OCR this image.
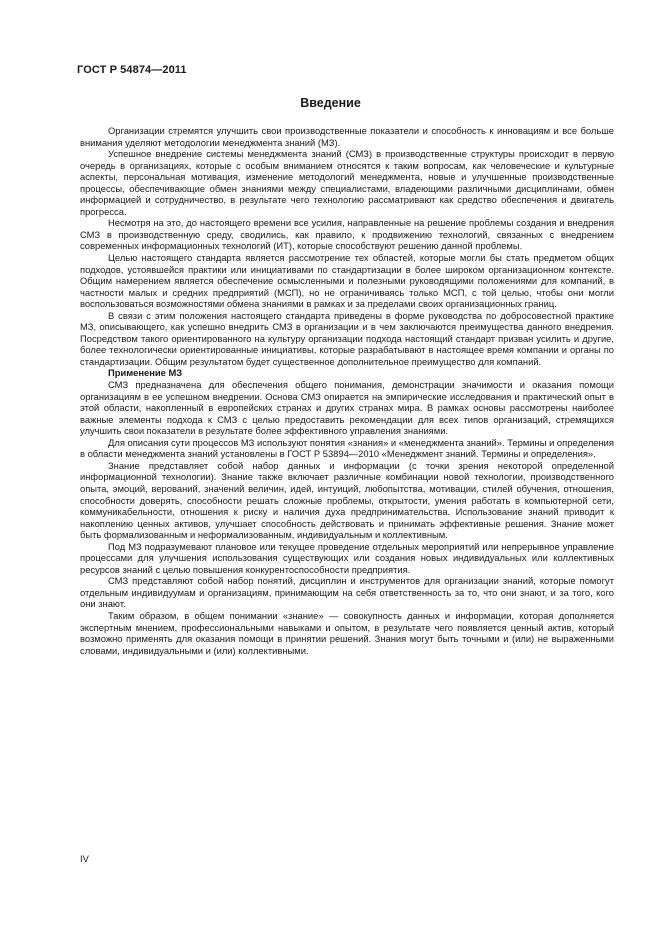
ГОСТ Р 54874—2011
Введение

Организации стремятся улучшить свои производственные показатели и способность к инновациям и все больше внимания уделяют методологии менеджмента знаний (МЗ).

Успешное внедрение системы менеджмента знаний (СМЗ) в производственные структуры происходит в первую очередь в организациях, которые с особым вниманием относятся к таким вопросам, как человеческие и культурные аспекты, персональная мотивация, изменение методологий менеджмента, новые и улучшенные производственные процессы, обеспечивающие обмен знаниями между специалистами, владеющими различными дисциплинами, обмен информацией и сотрудничество, в результате чего технологию рассматривают как средство обеспечения и двигатель прогресса.

Несмотря на это, до настоящего времени все усилия, направленные на решение проблемы создания и внедрения СМЗ в производственную среду, сводились, как правило, к продвижению технологий, связанных с внедрением современных информационных технологий (ИТ), которые способствуют решению данной проблемы.

Целью настоящего стандарта является рассмотрение тех областей, которые могли бы стать предметом общих подходов, устоявшейся практики или инициативами по стандартизации в более широком организационном контексте. Общим намерением является обеспечение осмысленными и полезными руководящими положениями для компаний, в частности малых и средних предприятий (МСП), но не ограничиваясь только МСП, с той целью, чтобы они могли воспользоваться возможностями обмена знаниями в рамках и за пределами своих организационных границ.

В связи с этим положения настоящего стандарта приведены в форме руководства по добросовестной практике МЗ, описывающего, как успешно внедрить СМЗ в организации и в чем заключаются преимущества данного внедрения. Посредством такого ориентированного на культуру организации подхода настоящий стандарт призван усилить и другие, более технологически ориентированные инициативы, которые разрабатывают в настоящее время компании и органы по стандартизации. Общим результатом будет существенное дополнительное преимущество для компаний.

Применение МЗ

СМЗ предназначена для обеспечения общего понимания, демонстрации значимости и оказания помощи организациям в ее успешном внедрении. Основа СМЗ опирается на эмпирические исследования и практический опыт в этой области, накопленный в европейских странах и других странах мира. В рамках основы рассмотрены наиболее важные элементы подхода к СМЗ с целью предоставить рекомендации для всех типов организаций, стремящихся улучшить свои показатели в результате более эффективного управления знаниями.

Для описания сути процессов МЗ используют понятия «знания» и «менеджмента знаний». Термины и определения в области менеджмента знаний установлены в ГОСТ Р 53894—2010 «Менеджмент знаний. Термины и определения».

Знание представляет собой набор данных и информации (с точки зрения некоторой определенной информационной технологии). Знание также включает различные комбинации новой технологии, производственного опыта, эмоций, верований, значений величин, идей, интуиций, любопытства, мотивации, стилей обучения, отношения, способности доверять, способности решать сложные проблемы, открытости, умения работать в компьютерной сети, коммуникабельности, отношения к риску и наличия духа предпринимательства. Использование знаний приводит к накоплению ценных активов, улучшает способность действовать и принимать эффективные решения. Знание может быть формализованным и неформализованным, индивидуальным и коллективным.

Под МЗ подразумевают плановое или текущее проведение отдельных мероприятий или непрерывное управление процессами для улучшения использования существующих или создания новых индивидуальных или коллективных ресурсов знаний с целью повышения конкурентоспособности предприятия.

СМЗ представляют собой набор понятий, дисциплин и инструментов для организации знаний, которые помогут отдельным индивидуумам и организациям, принимающим на себя ответственность за то, что они знают, и за того, кого они знают.

Таким образом, в общем понимании «знание» — совокупность данных и информации, которая дополняется экспертным мнением, профессиональными навыками и опытом, в результате чего появляется ценный актив, который возможно применять для оказания помощи в принятии решений. Знания могут быть точными и (или) не выраженными словами, индивидуальными и (или) коллективными.

IV
